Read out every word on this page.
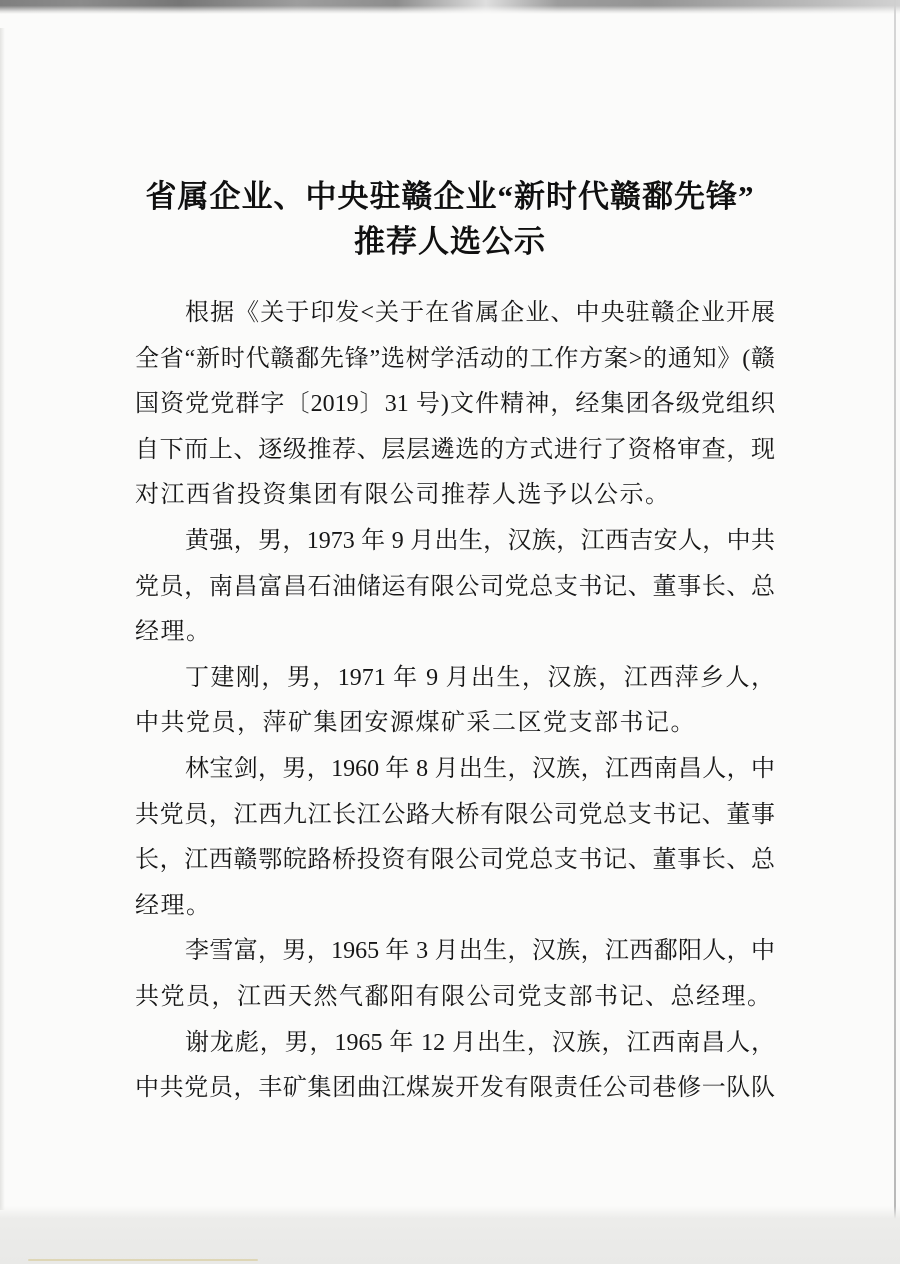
省属企业、中央驻赣企业“新时代赣鄱先锋”
推荐人选公示
根据《关于印发<关于在省属企业、中央驻赣企业开展
全省“新时代赣鄱先锋”选树学活动的工作方案>的通知》(赣
国资党党群字〔2019〕31 号)文件精神，经集团各级党组织
自下而上、逐级推荐、层层遴选的方式进行了资格审查，现
对江西省投资集团有限公司推荐人选予以公示。
黄强，男，1973 年 9 月出生，汉族，江西吉安人，中共
党员，南昌富昌石油储运有限公司党总支书记、董事长、总
经理。
丁建刚，男，1971 年 9 月出生，汉族，江西萍乡人，
中共党员，萍矿集团安源煤矿采二区党支部书记。
林宝剑，男，1960 年 8 月出生，汉族，江西南昌人，中
共党员，江西九江长江公路大桥有限公司党总支书记、董事
长，江西赣鄂皖路桥投资有限公司党总支书记、董事长、总
经理。
李雪富，男，1965 年 3 月出生，汉族，江西鄱阳人，中
共党员，江西天然气鄱阳有限公司党支部书记、总经理。
谢龙彪，男，1965 年 12 月出生，汉族，江西南昌人，
中共党员，丰矿集团曲江煤炭开发有限责任公司巷修一队队
